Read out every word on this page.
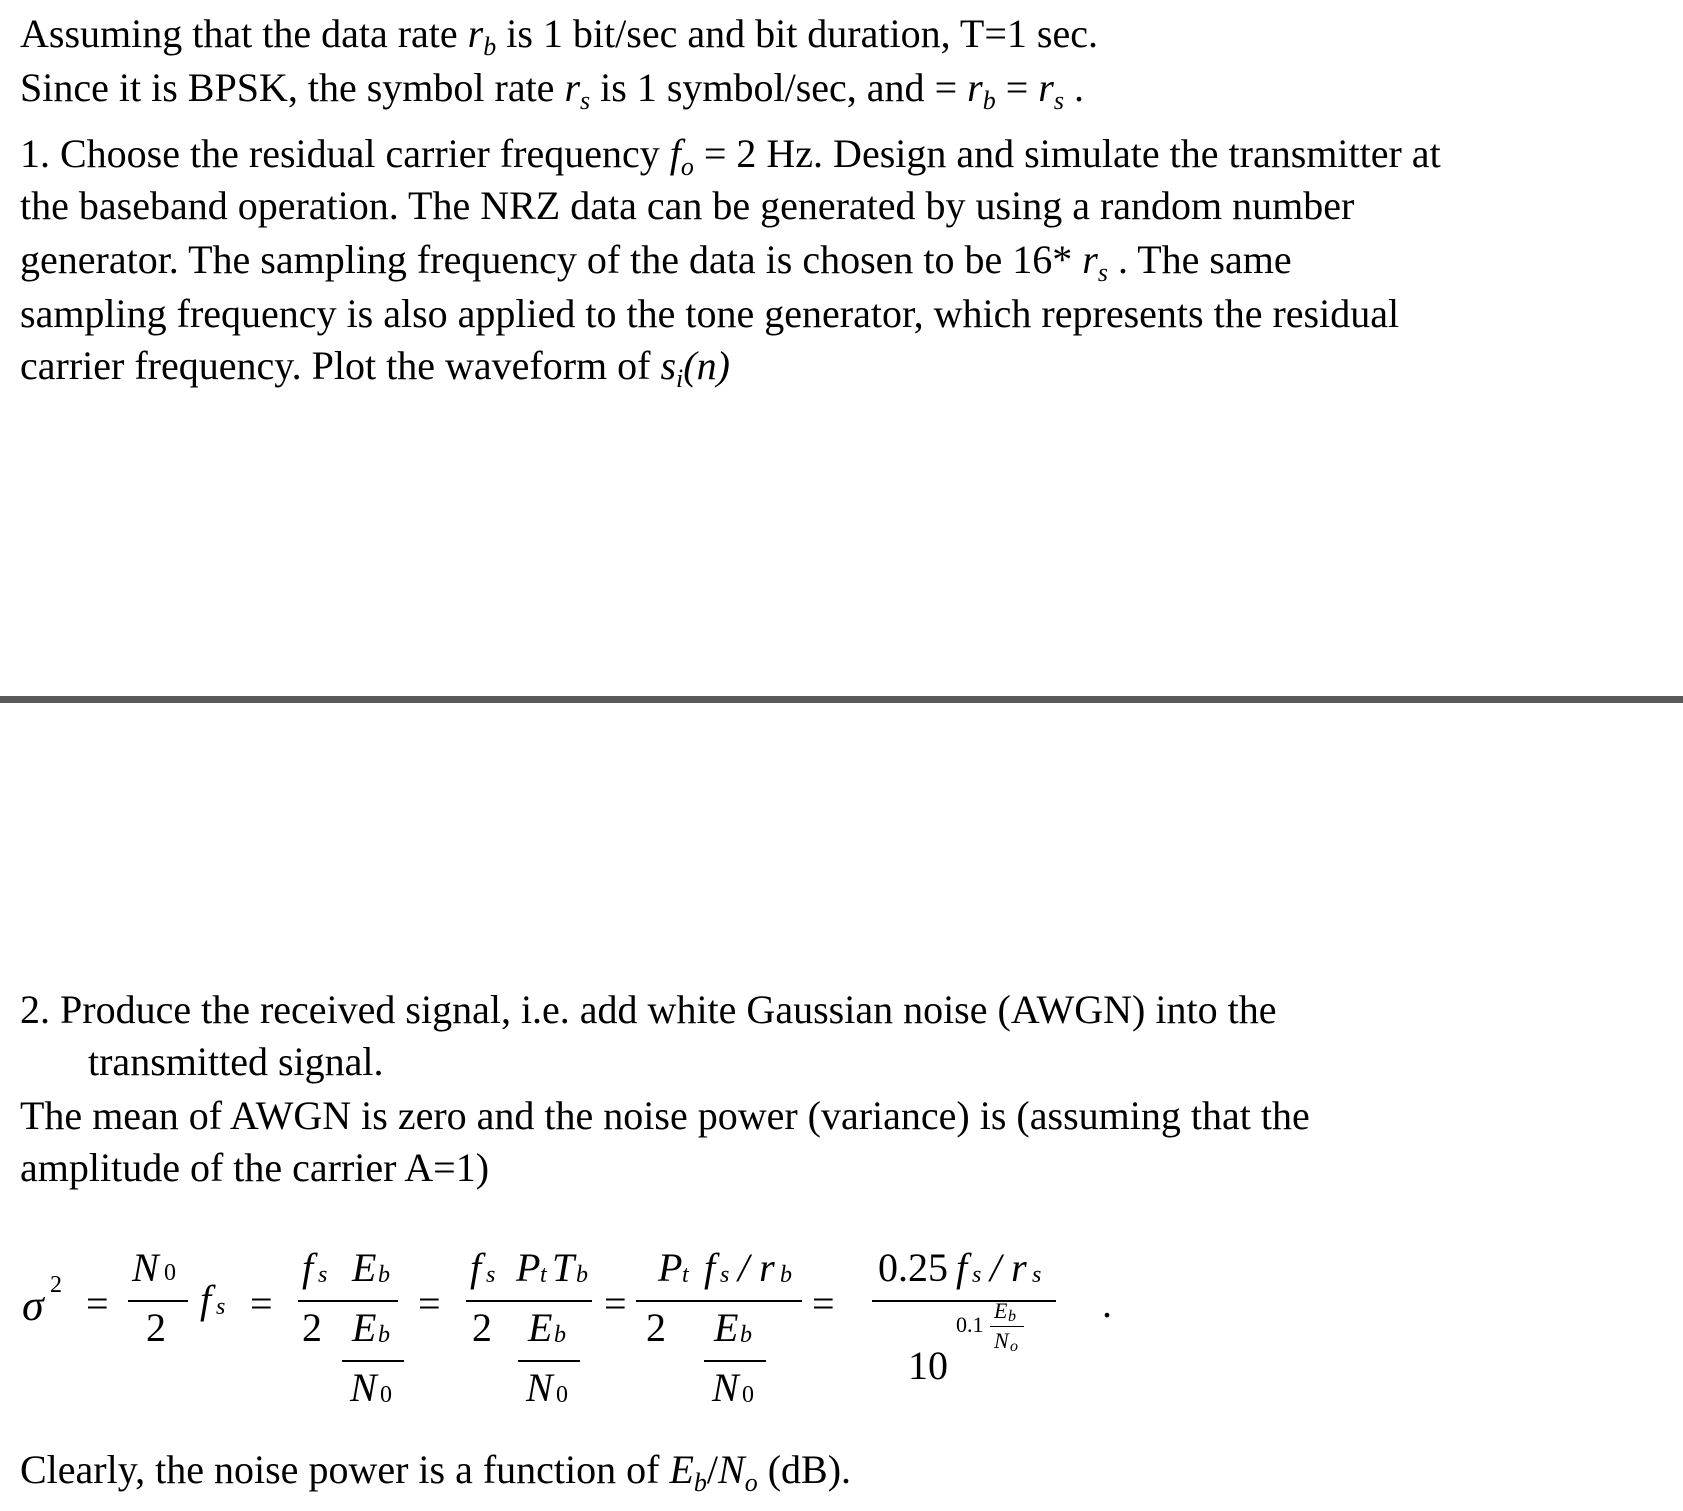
Assuming that the data rate $r_b$ is 1 bit/sec and bit duration, T=1 sec.
Since it is BPSK, the symbol rate $r_s$ is 1 symbol/sec, and = $r_b = r_s$ .
1. Choose the residual carrier frequency $f_o = 2$ Hz. Design and simulate the transmitter at
the baseband operation. The NRZ data can be generated by using a random number
generator. The sampling frequency of the data is chosen to be 16* $r_s$ . The same
sampling frequency is also applied to the tone generator, which represents the residual
carrier frequency. Plot the waveform of $s_i(n)$
2. Produce the received signal, i.e. add white Gaussian noise (AWGN) into the
transmitted signal.
The mean of AWGN is zero and the noise power (variance) is (assuming that the
amplitude of the carrier A=1)
σ 2 =
N 0
2
f s =
f s E b
2 E b
N 0
=
f s P t T b
2 E b
N 0
=
P t f s / r b
2 E b
N 0
=
0.25 f s / r s
10
0.1
E b
N o
.
Clearly, the noise power is a function of $E_b/N_o$ (dB).
